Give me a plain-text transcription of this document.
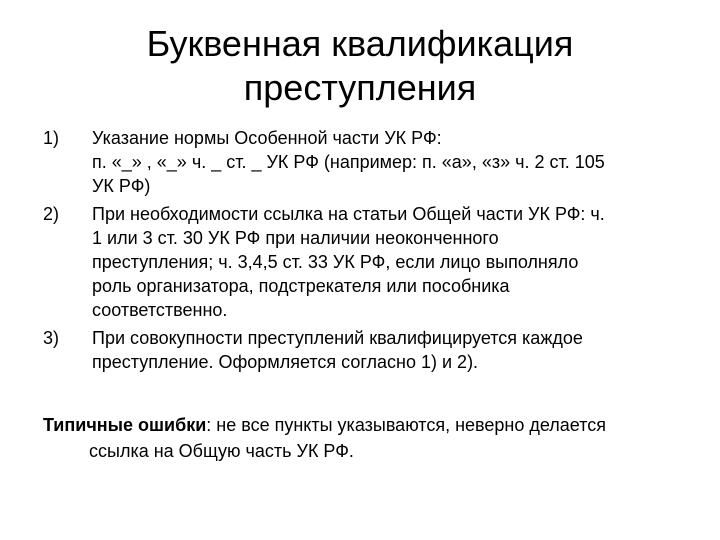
Буквенная квалификация
преступления
1)	Указание нормы Особенной части УК РФ:
п. «_» , «_» ч. _ ст. _ УК РФ (например: п. «а», «з» ч. 2 ст. 105
УК РФ)
2)	При необходимости ссылка на статьи Общей части УК РФ: ч.
1 или 3 ст. 30 УК РФ при наличии неоконченного
преступления; ч. 3,4,5 ст. 33 УК РФ, если лицо выполняло
роль организатора, подстрекателя или пособника
соответственно.
3)	При совокупности преступлений квалифицируется каждое
преступление. Оформляется согласно 1) и 2).

Типичные ошибки: не все пункты указываются, неверно делается
ссылка на Общую часть УК РФ.
